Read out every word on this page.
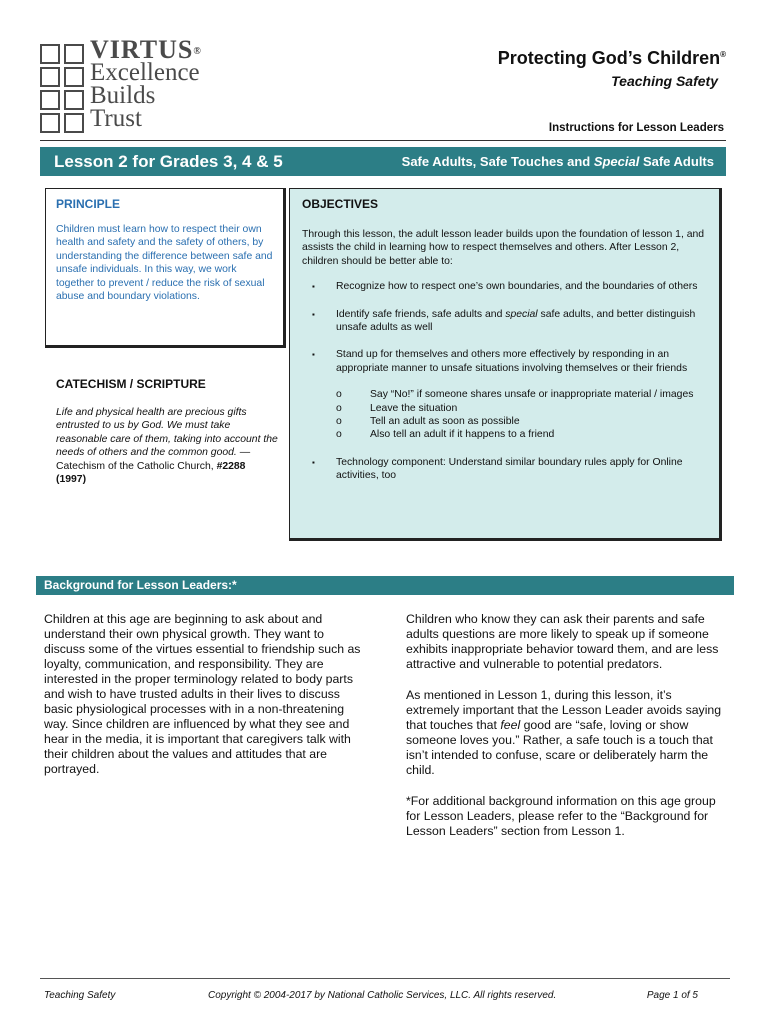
VIRTUS®
Excellence
Builds
Trust
Protecting God’s Children®
Teaching Safety
Instructions for Lesson Leaders
Lesson 2 for Grades 3, 4 & 5	Safe Adults, Safe Touches and Special Safe Adults
PRINCIPLE
Children must learn how to respect their own health and safety and the safety of others, by understanding the difference between safe and unsafe individuals. In this way, we work together to prevent / reduce the risk of sexual abuse and boundary violations.
CATECHISM / SCRIPTURE
Life and physical health are precious gifts entrusted to us by God. We must take reasonable care of them, taking into account the needs of others and the common good. —Catechism of the Catholic Church, #2288 (1997)
OBJECTIVES
Through this lesson, the adult lesson leader builds upon the foundation of lesson 1, and assists the child in learning how to respect themselves and others. After Lesson 2, children should be better able to:
▪ Recognize how to respect one’s own boundaries, and the boundaries of others
▪ Identify safe friends, safe adults and special safe adults, and better distinguish unsafe adults as well
▪ Stand up for themselves and others more effectively by responding in an appropriate manner to unsafe situations involving themselves or their friends
o	Say “No!” if someone shares unsafe or inappropriate material / images
o	Leave the situation
o	Tell an adult as soon as possible
o	Also tell an adult if it happens to a friend
▪ Technology component: Understand similar boundary rules apply for Online activities, too
Background for Lesson Leaders:*

Children at this age are beginning to ask about and understand their own physical growth. They want to discuss some of the virtues essential to friendship such as loyalty, communication, and responsibility. They are interested in the proper terminology related to body parts and wish to have trusted adults in their lives to discuss basic physiological processes with in a non-threatening way. Since children are influenced by what they see and hear in the media, it is important that caregivers talk with their children about the values and attitudes that are portrayed.

Children who know they can ask their parents and safe adults questions are more likely to speak up if someone exhibits inappropriate behavior toward them, and are less attractive and vulnerable to potential predators.

As mentioned in Lesson 1, during this lesson, it’s extremely important that the Lesson Leader avoids saying that touches that feel good are “safe, loving or show someone loves you.” Rather, a safe touch is a touch that isn’t intended to confuse, scare or deliberately harm the child.

*For additional background information on this age group for Lesson Leaders, please refer to the “Background for Lesson Leaders” section from Lesson 1.

Teaching Safety	Copyright © 2004-2017 by National Catholic Services, LLC. All rights reserved.	Page 1 of 5
